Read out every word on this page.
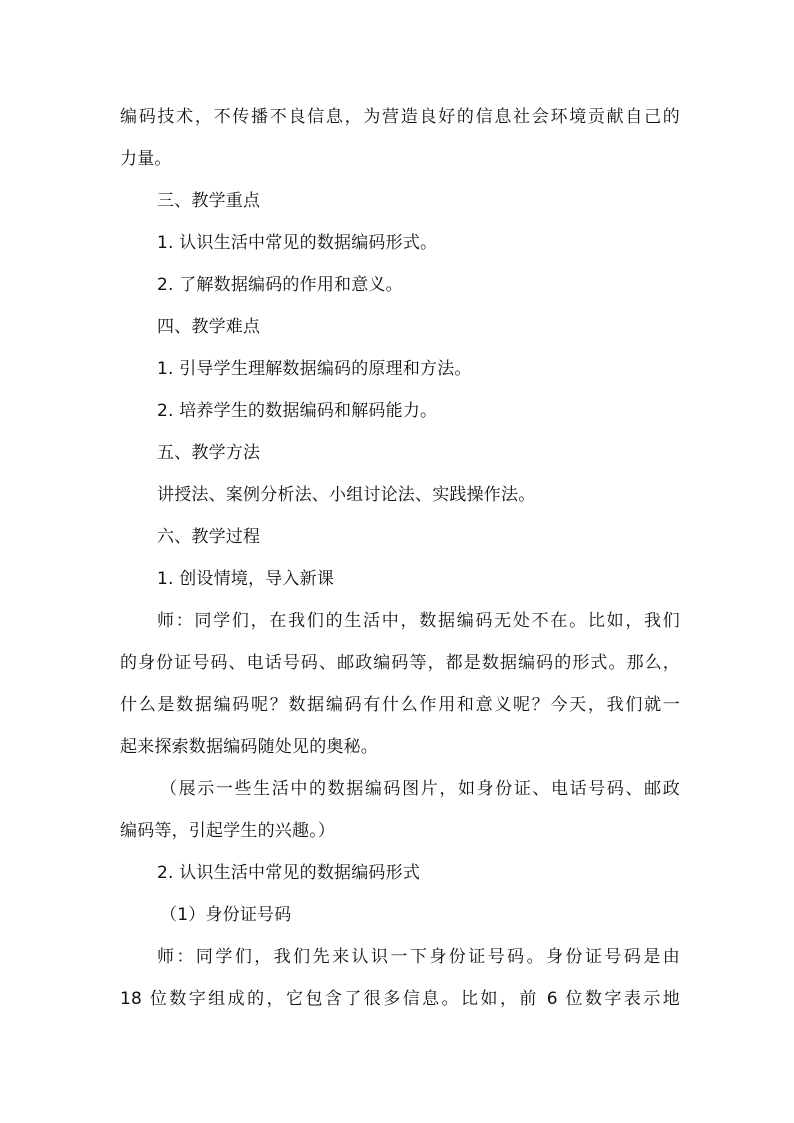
编码技术，不传播不良信息，为营造良好的信息社会环境贡献自己的
力量。
三、教学重点
1. 认识生活中常见的数据编码形式。
2. 了解数据编码的作用和意义。
四、教学难点
1. 引导学生理解数据编码的原理和方法。
2. 培养学生的数据编码和解码能力。
五、教学方法
讲授法、案例分析法、小组讨论法、实践操作法。
六、教学过程
1. 创设情境，导入新课
师：同学们，在我们的生活中，数据编码无处不在。比如，我们
的身份证号码、电话号码、邮政编码等，都是数据编码的形式。那么，
什么是数据编码呢？数据编码有什么作用和意义呢？今天，我们就一
起来探索数据编码随处见的奥秘。
（展示一些生活中的数据编码图片，如身份证、电话号码、邮政
编码等，引起学生的兴趣。）
2. 认识生活中常见的数据编码形式
（1）身份证号码
师：同学们，我们先来认识一下身份证号码。身份证号码是由
18 位数字组成的，它包含了很多信息。比如，前 6 位数字表示地
